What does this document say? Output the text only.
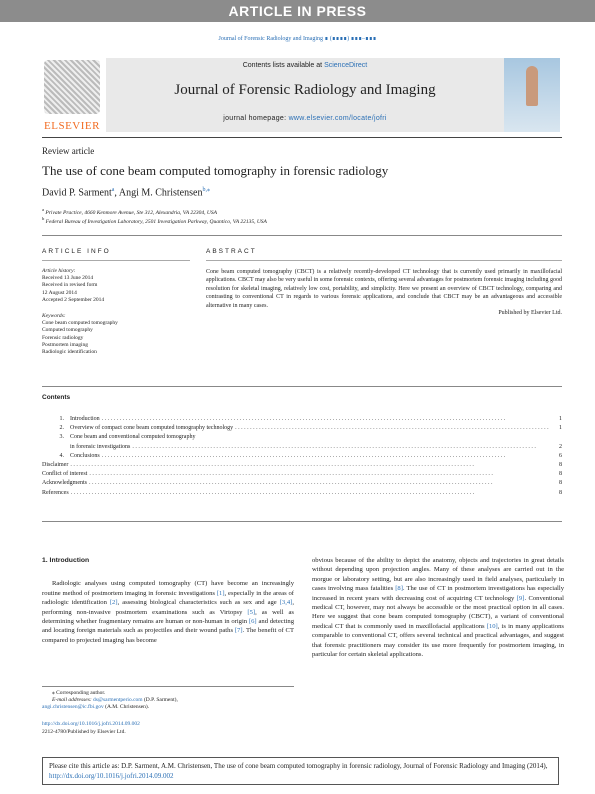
ARTICLE IN PRESS
Journal of Forensic Radiology and Imaging ∎ (∎∎∎∎) ∎∎∎–∎∎∎
ELSEVIER
Contents lists available at ScienceDirect
Journal of Forensic Radiology and Imaging
journal homepage: www.elsevier.com/locate/jofri
Review article
The use of cone beam computed tomography in forensic radiology
David P. Sarment$^a$, Angi M. Christensen$^{b,⁎}$
$^a$ Private Practice, 4660 Kenmore Avenue, Ste 312, Alexandria, VA 22304, USA
$^b$ Federal Bureau of Investigation Laboratory, 2501 Investigation Parkway, Quantico, VA 22135, USA
ARTICLE INFO	ABSTRACT
Article history:
Received 13 June 2014
Received in revised form
12 August 2014
Accepted 2 September 2014
Keywords:
Cone beam computed tomography
Computed tomography
Forensic radiology
Postmortem imaging
Radiologic identification
Cone beam computed tomography (CBCT) is a relatively recently-developed CT technology that is currently used primarily in maxillofacial applications. CBCT may also be very useful in some forensic contexts, offering several advantages for postmortem forensic imaging including good resolution for skeletal imaging, relatively low cost, portability, and simplicity. Here we present an overview of CBCT technology, comparing and contrasting to conventional CT in regards to various forensic applications, and conclude that CBCT may be an advantageous and accessible alternative in many cases.
Published by Elsevier Ltd.
Contents
1.	Introduction . . .	1
2.	Overview of compact cone beam computed tomography technology . . .	1
3.	Cone beam and conventional computed tomography
in forensic investigations . . .	2
4.	Conclusions . . .	6
Disclaimer . . .	8
Conflict of interest . . .	8
Acknowledgments . . .	8
References . . .	8
1. Introduction

Radiologic analyses using computed tomography (CT) have become an increasingly routine method of postmortem imaging in forensic investigations [1], especially in the areas of radiologic identification [2], assessing biological characteristics such as sex and age [3,4], performing non-invasive postmortem examinations such as Virtopsy [5], as well as determining whether fragmentary remains are human or non-human in origin [6] and detecting and locating foreign materials such as projectiles and their wound paths [7]. The benefit of CT compared to projected imaging has become

obvious because of the ability to depict the anatomy, objects and trajectories in great details without depending upon projection angles. Many of these analyses are carried out in the morgue or laboratory setting, but are also increasingly used in field analyses, particularly in cases involving mass fatalities [8]. The use of CT in postmortem investigations has especially increased in recent years with decreasing cost of acquiring CT technology [9]. Conventional medical CT, however, may not always be accessible or the most practical option in all cases. Here we suggest that cone beam computed tomography (CBCT), a variant of conventional medical CT that is commonly used in maxillofacial applications [10], is in many applications comparable to conventional CT, offers several technical and practical advantages, and suggest that forensic practitioners may consider its use more frequently for postmortem imaging, in particular for certain skeletal applications.

⁎ Corresponding author.
E-mail addresses: ds@sarmentperio.com (D.P. Sarment),
angi.christensen@ic.fbi.gov (A.M. Christensen).
http://dx.doi.org/10.1016/j.jofri.2014.09.002
2212-4780/Published by Elsevier Ltd.
Please cite this article as: D.P. Sarment, A.M. Christensen, The use of cone beam computed tomography in forensic radiology, Journal of Forensic Radiology and Imaging (2014), http://dx.doi.org/10.1016/j.jofri.2014.09.002
